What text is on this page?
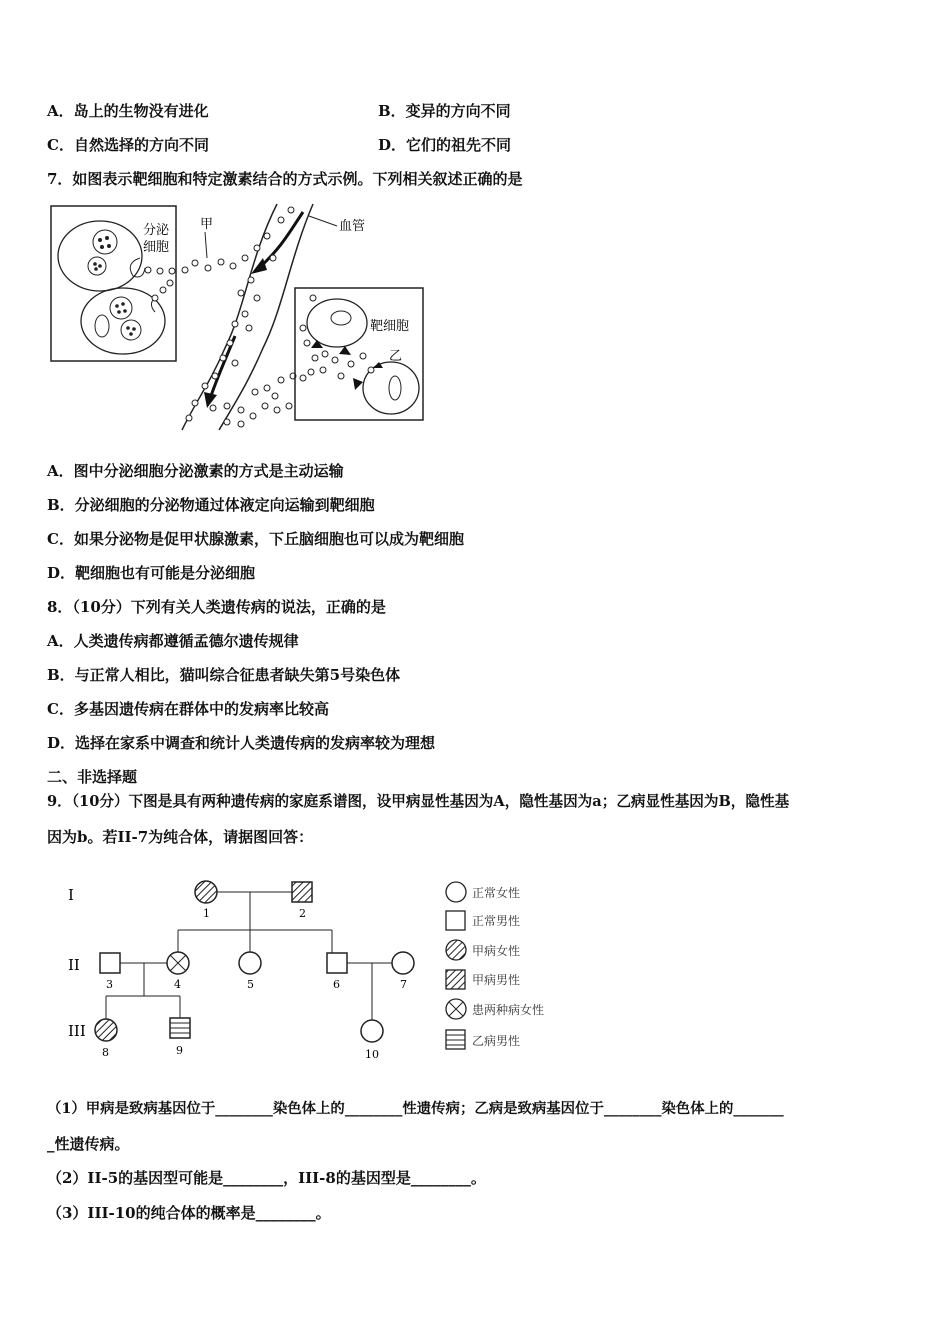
A．岛上的生物没有进化	B．变异的方向不同
C．自然选择的方向不同	D．它们的祖先不同
7．如图表示靶细胞和特定激素结合的方式示例。下列相关叙述正确的是
分泌
细胞
甲	血管
靶细胞
乙
A．图中分泌细胞分泌激素的方式是主动运输
B．分泌细胞的分泌物通过体液定向运输到靶细胞
C．如果分泌物是促甲状腺激素，下丘脑细胞也可以成为靶细胞
D．靶细胞也有可能是分泌细胞
8．（10分）下列有关人类遗传病的说法，正确的是
A．人类遗传病都遵循孟德尔遗传规律
B．与正常人相比，猫叫综合征患者缺失第5号染色体
C．多基因遗传病在群体中的发病率比较高
D．选择在家系中调查和统计人类遗传病的发病率较为理想
二、非选择题
9．（10分）下图是具有两种遗传病的家庭系谱图，设甲病显性基因为A，隐性基因为a；乙病显性基因为B，隐性基
因为b。若II-7为纯合体，请据图回答：
I
II
III
1	2
3	4	5	6	7
8	9	10
正常女性
正常男性
甲病女性
甲病男性
患两种病女性
乙病男性
（1）甲病是致病基因位于________染色体上的________性遗传病；乙病是致病基因位于________染色体上的_______
_性遗传病。
（2）II-5的基因型可能是________，III-8的基因型是________。
（3）III-10的纯合体的概率是________。
